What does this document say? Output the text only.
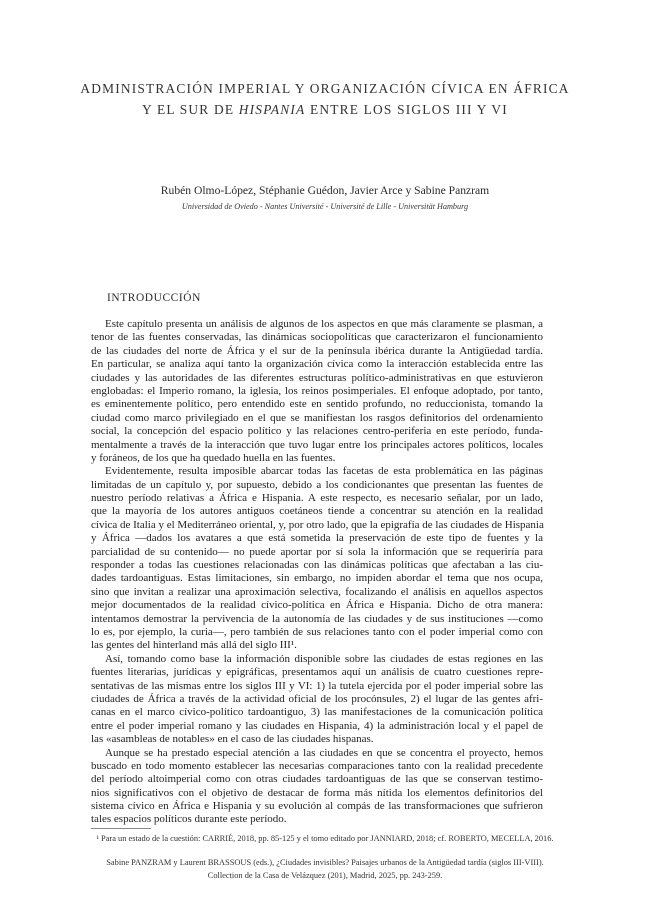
ADMINISTRACIÓN IMPERIAL Y ORGANIZACIÓN CÍVICA EN ÁFRICA
Y EL SUR DE HISPANIA ENTRE LOS SIGLOS III Y VI
Rubén Olmo-López, Stéphanie Guédon, Javier Arce y Sabine Panzram
Universidad de Oviedo - Nantes Université - Université de Lille - Universität Hamburg
INTRODUCCIÓN
Este capítulo presenta un análisis de algunos de los aspectos en que más claramente se plasman, a
tenor de las fuentes conservadas, las dinámicas sociopolíticas que caracterizaron el funcionamiento
de las ciudades del norte de África y el sur de la península ibérica durante la Antigüedad tardía.
En particular, se analiza aquí tanto la organización cívica como la interacción establecida entre las
ciudades y las autoridades de las diferentes estructuras político-administrativas en que estuvieron
englobadas: el Imperio romano, la iglesia, los reinos posimperiales. El enfoque adoptado, por tanto,
es eminentemente político, pero entendido este en sentido profundo, no reduccionista, tomando la
ciudad como marco privilegiado en el que se manifiestan los rasgos definitorios del ordenamiento
social, la concepción del espacio político y las relaciones centro-periferia en este período, funda-
mentalmente a través de la interacción que tuvo lugar entre los principales actores políticos, locales
y foráneos, de los que ha quedado huella en las fuentes.
Evidentemente, resulta imposible abarcar todas las facetas de esta problemática en las páginas
limitadas de un capítulo y, por supuesto, debido a los condicionantes que presentan las fuentes de
nuestro período relativas a África e Hispania. A este respecto, es necesario señalar, por un lado,
que la mayoría de los autores antiguos coetáneos tiende a concentrar su atención en la realidad
cívica de Italia y el Mediterráneo oriental, y, por otro lado, que la epigrafía de las ciudades de Hispania
y África —dados los avatares a que está sometida la preservación de este tipo de fuentes y la
parcialidad de su contenido— no puede aportar por sí sola la información que se requeriría para
responder a todas las cuestiones relacionadas con las dinámicas políticas que afectaban a las ciu-
dades tardoantiguas. Estas limitaciones, sin embargo, no impiden abordar el tema que nos ocupa,
sino que invitan a realizar una aproximación selectiva, focalizando el análisis en aquellos aspectos
mejor documentados de la realidad cívico-política en África e Hispania. Dicho de otra manera:
intentamos demostrar la pervivencia de la autonomía de las ciudades y de sus instituciones —como
lo es, por ejemplo, la curia—, pero también de sus relaciones tanto con el poder imperial como con
las gentes del hinterland más allá del siglo III¹.
Así, tomando como base la información disponible sobre las ciudades de estas regiones en las
fuentes literarias, jurídicas y epigráficas, presentamos aquí un análisis de cuatro cuestiones repre-
sentativas de las mismas entre los siglos III y VI: 1) la tutela ejercida por el poder imperial sobre las
ciudades de África a través de la actividad oficial de los procónsules, 2) el lugar de las gentes afri-
canas en el marco cívico-político tardoantiguo, 3) las manifestaciones de la comunicación política
entre el poder imperial romano y las ciudades en Hispania, 4) la administración local y el papel de
las «asambleas de notables» en el caso de las ciudades hispanas.
Aunque se ha prestado especial atención a las ciudades en que se concentra el proyecto, hemos
buscado en todo momento establecer las necesarias comparaciones tanto con la realidad precedente
del período altoimperial como con otras ciudades tardoantiguas de las que se conservan testimo-
nios significativos con el objetivo de destacar de forma más nítida los elementos definitorios del
sistema cívico en África e Hispania y su evolución al compás de las transformaciones que sufrieron
tales espacios políticos durante este período.
¹ Para un estado de la cuestión: CARRIÉ, 2018, pp. 85-125 y el tomo editado por JANNIARD, 2018; cf. ROBERTO, MECELLA, 2016.
Sabine PANZRAM y Laurent BRASSOUS (eds.), ¿Ciudades invisibles? Paisajes urbanos de la Antigüedad tardía (siglos III-VIII).
Collection de la Casa de Velázquez (201), Madrid, 2025, pp. 243-259.
